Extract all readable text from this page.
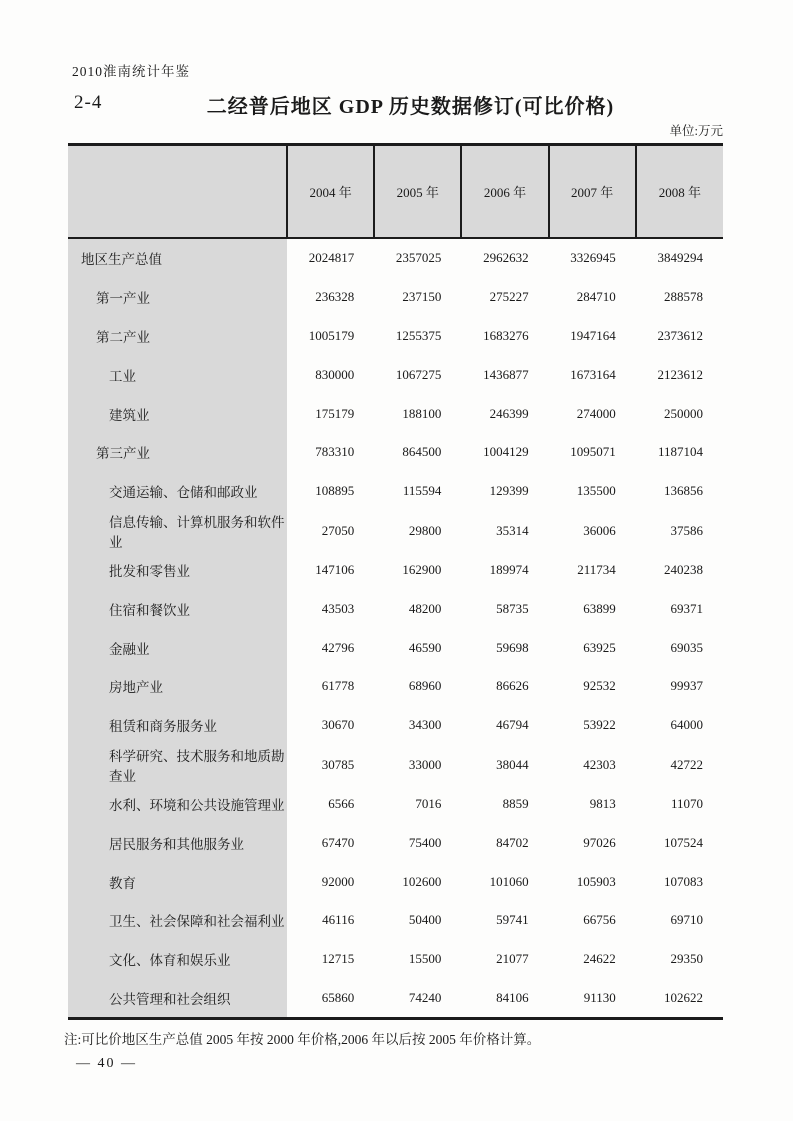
2010淮南统计年鉴
2-4	二经普后地区 GDP 历史数据修订(可比价格)
单位:万元
	2004 年	2005 年	2006 年	2007 年	2008 年
地区生产总值	2024817	2357025	2962632	3326945	3849294
第一产业	236328	237150	275227	284710	288578
第二产业	1005179	1255375	1683276	1947164	2373612
工业	830000	1067275	1436877	1673164	2123612
建筑业	175179	188100	246399	274000	250000
第三产业	783310	864500	1004129	1095071	1187104
交通运输、仓储和邮政业	108895	115594	129399	135500	136856
信息传输、计算机服务和软件业	27050	29800	35314	36006	37586
批发和零售业	147106	162900	189974	211734	240238
住宿和餐饮业	43503	48200	58735	63899	69371
金融业	42796	46590	59698	63925	69035
房地产业	61778	68960	86626	92532	99937
租赁和商务服务业	30670	34300	46794	53922	64000
科学研究、技术服务和地质勘查业	30785	33000	38044	42303	42722
水利、环境和公共设施管理业	6566	7016	8859	9813	11070
居民服务和其他服务业	67470	75400	84702	97026	107524
教育	92000	102600	101060	105903	107083
卫生、社会保障和社会福利业	46116	50400	59741	66756	69710
文化、体育和娱乐业	12715	15500	21077	24622	29350
公共管理和社会组织	65860	74240	84106	91130	102622
注:可比价地区生产总值 2005 年按 2000 年价格,2006 年以后按 2005 年价格计算。
— 40 —
